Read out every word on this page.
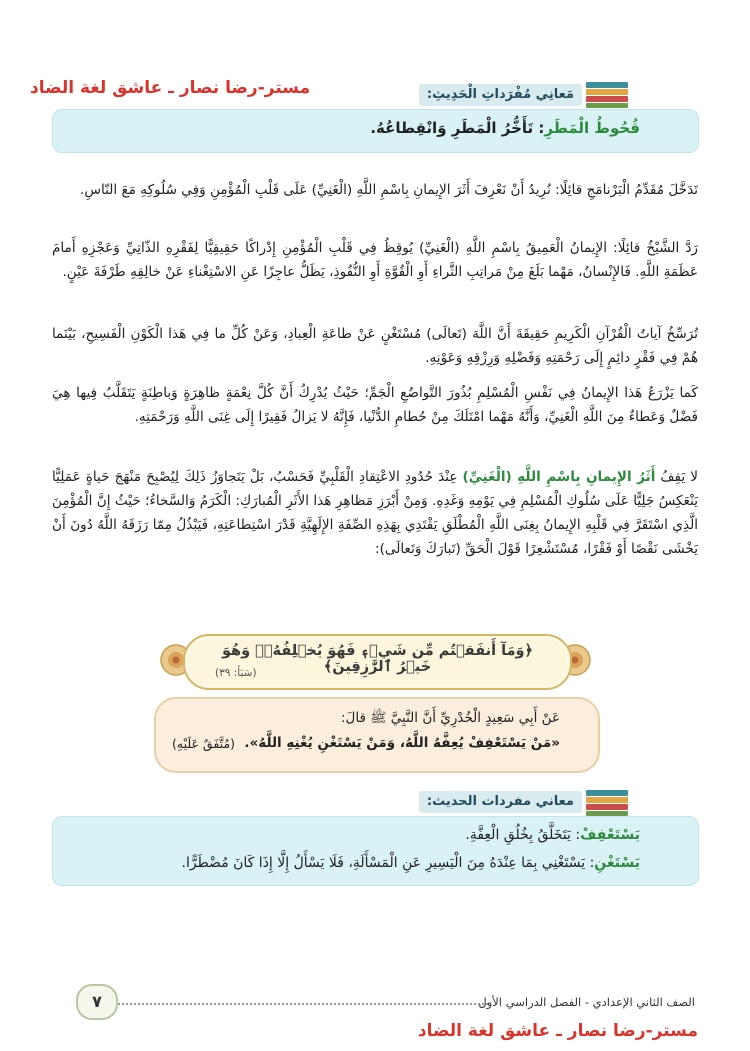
مستر-رضا نصار ـ عاشق لغة الضاد	مَعانِي مُفْرَداتِ الْحَدِيثِ:
قُحُوطُ الْمَطَرِ: تَأَخُّرُ الْمَطَرِ وَانْقِطاعُهُ.
تَدَخَّلَ مُقَدِّمُ الْبَرْنامَجِ قائِلًا: نُرِيدُ أَنْ نَعْرِفَ أَثَرَ الإِيمانِ بِاسْمِ اللَّهِ (الْغَنِيِّ) عَلَى قَلْبِ الْمُؤْمِنِ وَفِي سُلُوكِهِ مَعَ النّاسِ.
رَدَّ الشَّيْخُ قائِلًا: الإِيمانُ الْعَمِيقُ بِاسْمِ اللَّهِ (الْغَنِيِّ) يُوقِظُ فِي قَلْبِ الْمُؤْمِنِ إِدْراكًا حَقِيقِيًّا لِفَقْرِهِ الذّاتِيِّ وَعَجْزِهِ أَمامَ عَظَمَةِ اللَّهِ. فَالإِنْسانُ، مَهْما بَلَغَ مِنْ مَراتِبِ الثَّراءِ أَوِ الْقُوَّةِ أَوِ النُّفُوذِ، يَظَلُّ عاجِزًا عَنِ الاسْتِغْناءِ عَنْ خالِقِهِ طَرْفَةَ عَيْنٍ.
تُرَسِّخُ آياتُ الْقُرْآنِ الْكَرِيمِ حَقِيقَةَ أَنَّ اللَّهَ (تَعالَى) مُسْتَغْنٍ عَنْ طاعَةِ الْعِبادِ، وَعَنْ كُلِّ ما فِي هَذا الْكَوْنِ الْفَسِيحِ، بَيْنَما هُمْ فِي فَقْرٍ دائِمٍ إِلَى رَحْمَتِهِ وَفَضْلِهِ وَرِزْقِهِ وَعَوْنِهِ.
كَما يَزْرَعُ هَذا الإِيمانُ فِي نَفْسِ الْمُسْلِمِ بُذُورَ التَّواضُعِ الْجَمِّ؛ حَيْثُ يُدْرِكُ أَنَّ كُلَّ نِعْمَةٍ ظاهِرَةٍ وَباطِنَةٍ يَتَقَلَّبُ فِيها هِيَ فَضْلٌ وَعَطاءٌ مِنَ اللَّهِ الْغَنِيِّ، وَأَنَّهُ مَهْما امْتَلَكَ مِنْ حُطامِ الدُّنْيا، فَإِنَّهُ لا يَزالُ فَقِيرًا إِلَى غِنَى اللَّهِ وَرَحْمَتِهِ.
لا يَقِفُ أَثَرُ الإِيمانِ بِاسْمِ اللَّهِ (الْغَنِيِّ) عِنْدَ حُدُودِ الاعْتِقادِ الْقَلْبِيِّ فَحَسْبُ، بَلْ يَتَجاوَزُ ذَلِكَ لِيُصْبِحَ مَنْهَجَ حَياةٍ عَمَلِيًّا يَنْعَكِسُ جَلِيًّا عَلَى سُلُوكِ الْمُسْلِمِ فِي يَوْمِهِ وَغَدِهِ. وَمِنْ أَبْرَزِ مَظاهِرِ هَذا الأَثَرِ الْمُبارَكِ: الْكَرَمُ وَالسَّخاءُ؛ حَيْثُ إِنَّ الْمُؤْمِنَ الَّذِي اسْتَقَرَّ فِي قَلْبِهِ الإِيمانُ بِغِنَى اللَّهِ الْمُطْلَقِ يَقْتَدِي بِهَذِهِ الصِّفَةِ الإِلَهِيَّةِ قَدْرَ اسْتِطاعَتِهِ، فَيَبْذُلُ مِمّا رَزَقَهُ اللَّهُ دُونَ أَنْ يَخْشَى نَقْصًا أَوْ فَقْرًا، مُسْتَشْعِرًا قَوْلَ الْحَقِّ (تَبارَكَ وَتَعالَى):
﴿وَمَآ أَنفَقۡتُم مِّن شَيۡءٖ فَهُوَ يُخۡلِفُهُۥۖ وَهُوَ خَيۡرُ ٱلرَّٰزِقِينَ﴾
(سَبَأ: ٣٩)
عَنْ أَبِي سَعِيدٍ الْخُدْرِيِّ أَنَّ النَّبِيَّ ﷺ قالَ:
«مَنْ يَسْتَعْفِفْ يُعِفَّهُ اللَّهُ، وَمَنْ يَسْتَغْنِ يُغْنِهِ اللَّهُ».
(مُتَّفَقٌ عَلَيْهِ)
معاني مفردات الحديث:
يَسْتَعْفِفْ: يَتَخَلَّقُ بِخُلُقِ الْعِفَّةِ.
يَسْتَغْنِ: يَسْتَغْنِي بِمَا عِنْدَهُ مِنَ الْيَسِيرِ عَنِ الْمَسْأَلَةِ، فَلَا يَسْأَلُ إِلَّا إِذَا كَانَ مُضْطَرًّا.
٧	الصف الثاني الإعدادي - الفصل الدراسي الأول
مستر-رضا نصار ـ عاشق لغة الضاد
